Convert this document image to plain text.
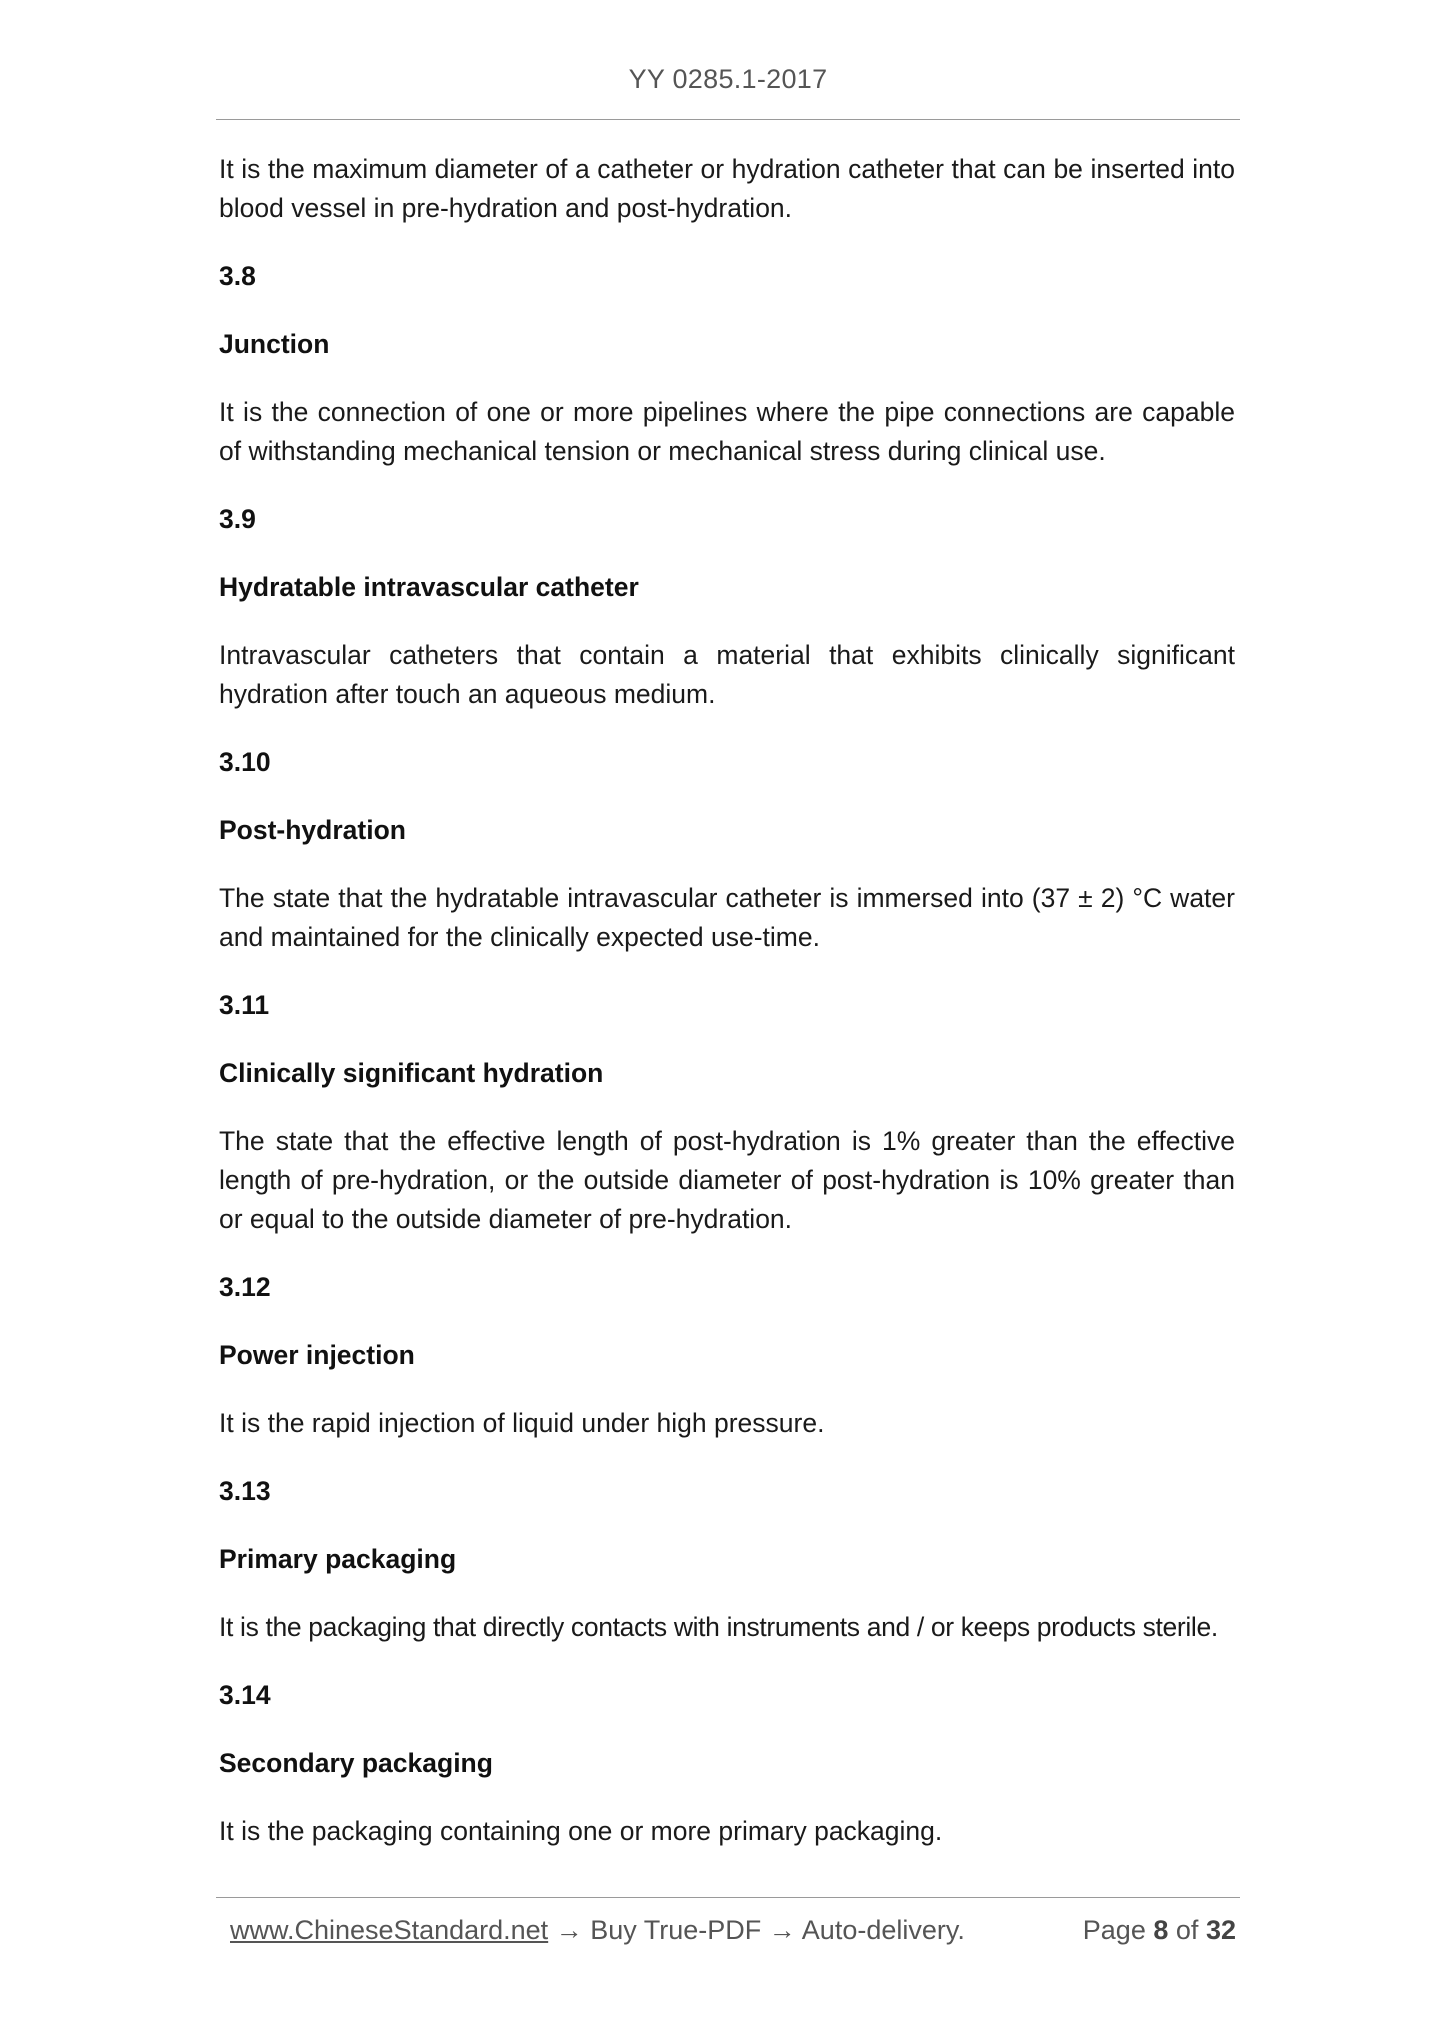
YY 0285.1-2017

It is the maximum diameter of a catheter or hydration catheter that can be inserted into blood vessel in pre-hydration and post-hydration.

3.8

Junction

It is the connection of one or more pipelines where the pipe connections are capable of withstanding mechanical tension or mechanical stress during clinical use.

3.9

Hydratable intravascular catheter

Intravascular catheters that contain a material that exhibits clinically significant hydration after touch an aqueous medium.

3.10

Post-hydration

The state that the hydratable intravascular catheter is immersed into (37 ± 2) °C water and maintained for the clinically expected use-time.

3.11

Clinically significant hydration

The state that the effective length of post-hydration is 1% greater than the effective length of pre-hydration, or the outside diameter of post-hydration is 10% greater than or equal to the outside diameter of pre-hydration.

3.12

Power injection

It is the rapid injection of liquid under high pressure.

3.13

Primary packaging

It is the packaging that directly contacts with instruments and / or keeps products sterile.

3.14

Secondary packaging

It is the packaging containing one or more primary packaging.

www.ChineseStandard.net → Buy True-PDF → Auto-delivery.	Page 8 of 32
